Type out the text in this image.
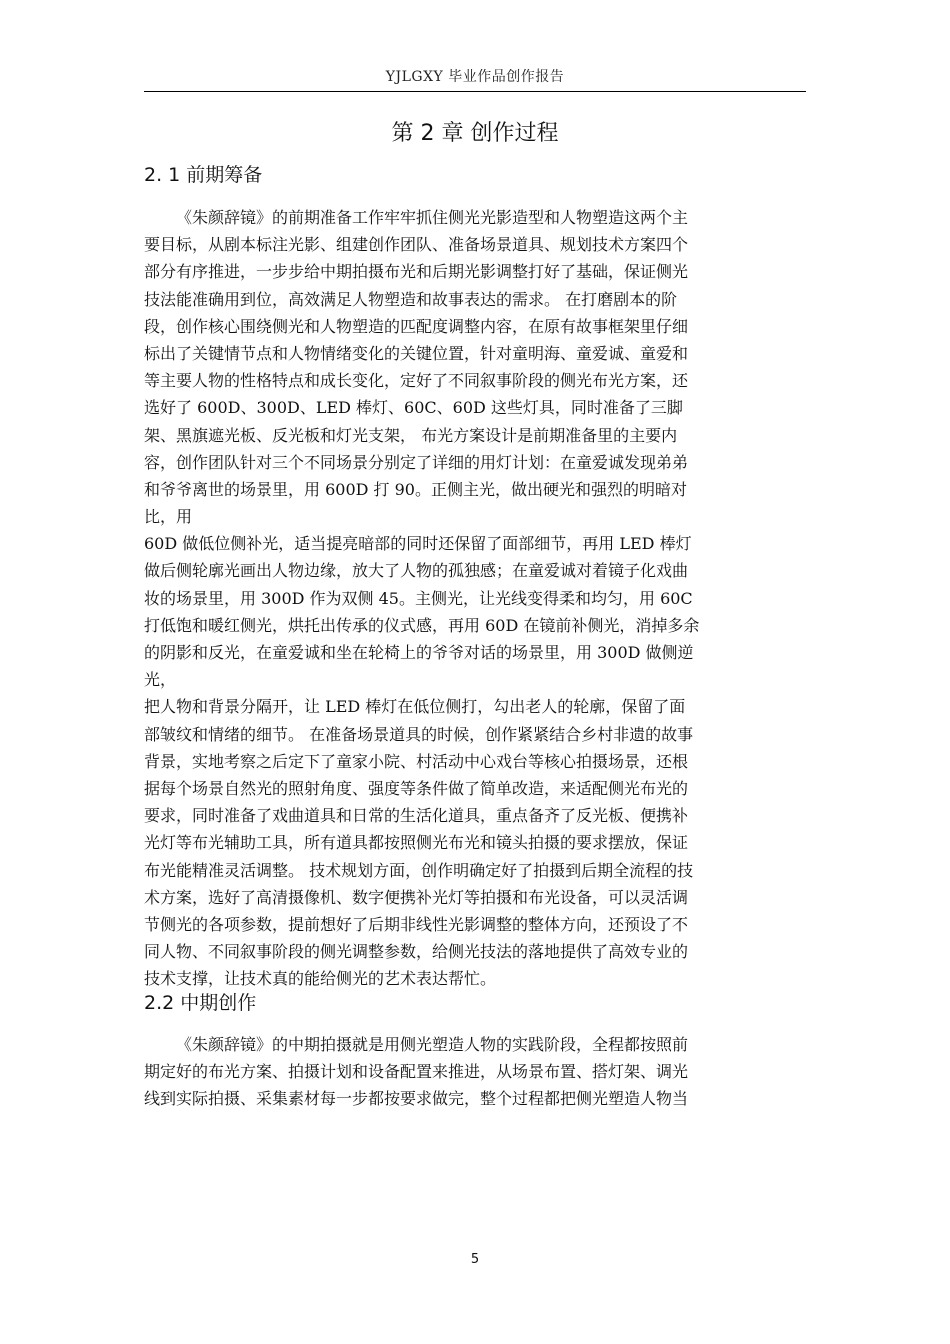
YJLGXY 毕业作品创作报告
第 2 章 创作过程
2. 1 前期筹备
《朱颜辞镜》的前期准备工作牢牢抓住侧光光影造型和人物塑造这两个主
要目标，从剧本标注光影、组建创作团队、准备场景道具、规划技术方案四个
部分有序推进，一步步给中期拍摄布光和后期光影调整打好了基础，保证侧光
技法能准确用到位，高效满足人物塑造和故事表达的需求。 在打磨剧本的阶
段，创作核心围绕侧光和人物塑造的匹配度调整内容，在原有故事框架里仔细
标出了关键情节点和人物情绪变化的关键位置，针对童明海、童爱诚、童爱和
等主要人物的性格特点和成长变化，定好了不同叙事阶段的侧光布光方案，还
选好了 600D、300D、LED 棒灯、60C、60D 这些灯具，同时准备了三脚
架、黑旗遮光板、反光板和灯光支架， 布光方案设计是前期准备里的主要内
容，创作团队针对三个不同场景分别定了详细的用灯计划：在童爱诚发现弟弟
和爷爷离世的场景里，用 600D 打 90。正侧主光，做出硬光和强烈的明暗对
比，用
60D 做低位侧补光，适当提亮暗部的同时还保留了面部细节，再用 LED 棒灯
做后侧轮廓光画出人物边缘，放大了人物的孤独感；在童爱诚对着镜子化戏曲
妆的场景里，用 300D 作为双侧 45。主侧光，让光线变得柔和均匀，用 60C
打低饱和暖红侧光，烘托出传承的仪式感，再用 60D 在镜前补侧光，消掉多余
的阴影和反光，在童爱诚和坐在轮椅上的爷爷对话的场景里，用 300D 做侧逆
光，
把人物和背景分隔开，让 LED 棒灯在低位侧打，勾出老人的轮廓，保留了面
部皱纹和情绪的细节。 在准备场景道具的时候，创作紧紧结合乡村非遗的故事
背景，实地考察之后定下了童家小院、村活动中心戏台等核心拍摄场景，还根
据每个场景自然光的照射角度、强度等条件做了简单改造，来适配侧光布光的
要求，同时准备了戏曲道具和日常的生活化道具，重点备齐了反光板、便携补
光灯等布光辅助工具，所有道具都按照侧光布光和镜头拍摄的要求摆放，保证
布光能精准灵活调整。 技术规划方面，创作明确定好了拍摄到后期全流程的技
术方案，选好了高清摄像机、数字便携补光灯等拍摄和布光设备，可以灵活调
节侧光的各项参数，提前想好了后期非线性光影调整的整体方向，还预设了不
同人物、不同叙事阶段的侧光调整参数，给侧光技法的落地提供了高效专业的
技术支撑，让技术真的能给侧光的艺术表达帮忙。
2.2 中期创作
《朱颜辞镜》的中期拍摄就是用侧光塑造人物的实践阶段，全程都按照前
期定好的布光方案、拍摄计划和设备配置来推进，从场景布置、搭灯架、调光
线到实际拍摄、采集素材每一步都按要求做完，整个过程都把侧光塑造人物当
5
